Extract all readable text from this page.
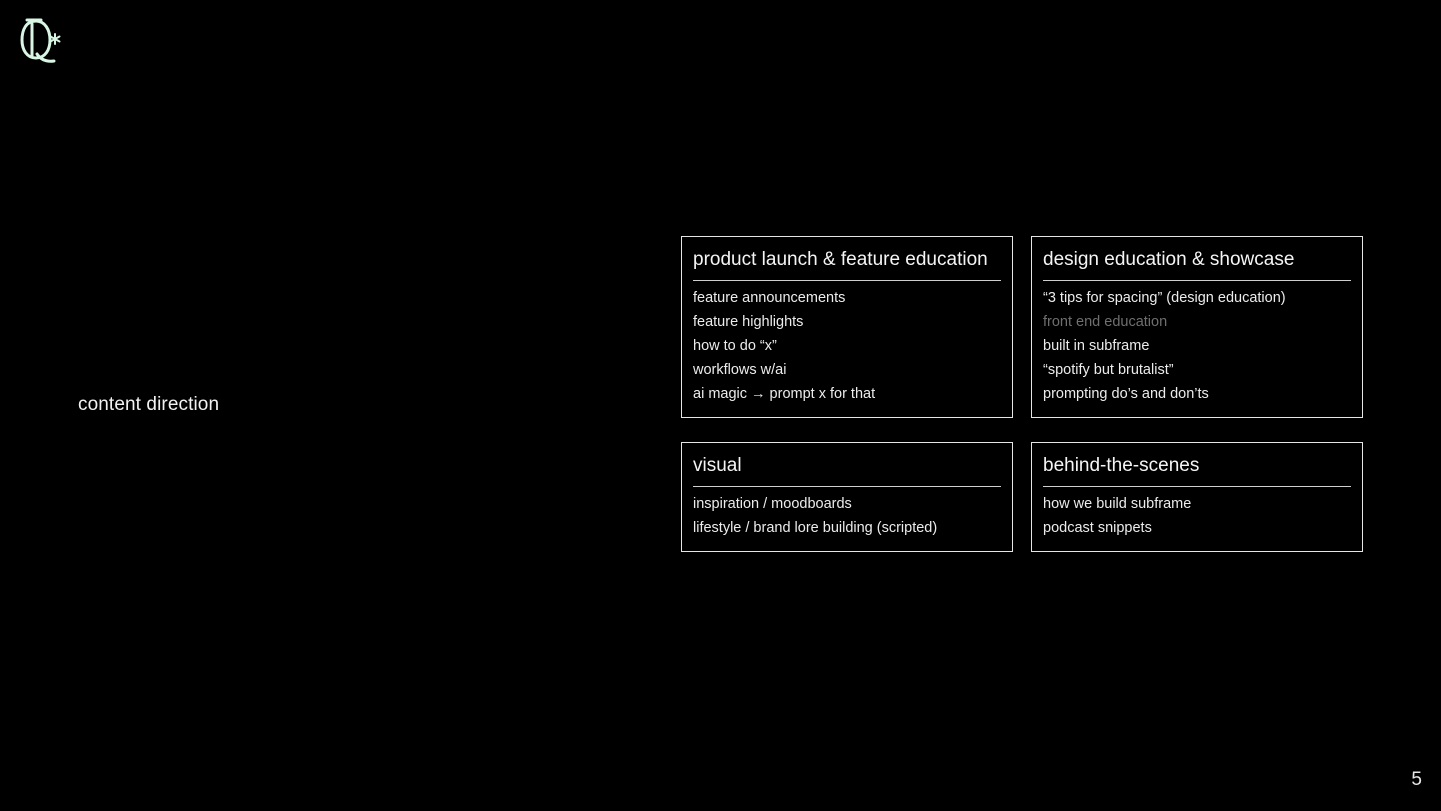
content direction
product launch & feature education
feature announcements
feature highlights
how to do “x”
workflows w/ai
ai magic → prompt x for that
design education & showcase
“3 tips for spacing” (design education)
front end education
built in subframe
“spotify but brutalist”
prompting do’s and don’ts
visual
inspiration / moodboards
lifestyle / brand lore building (scripted)
behind-the-scenes
how we build subframe
podcast snippets
5
